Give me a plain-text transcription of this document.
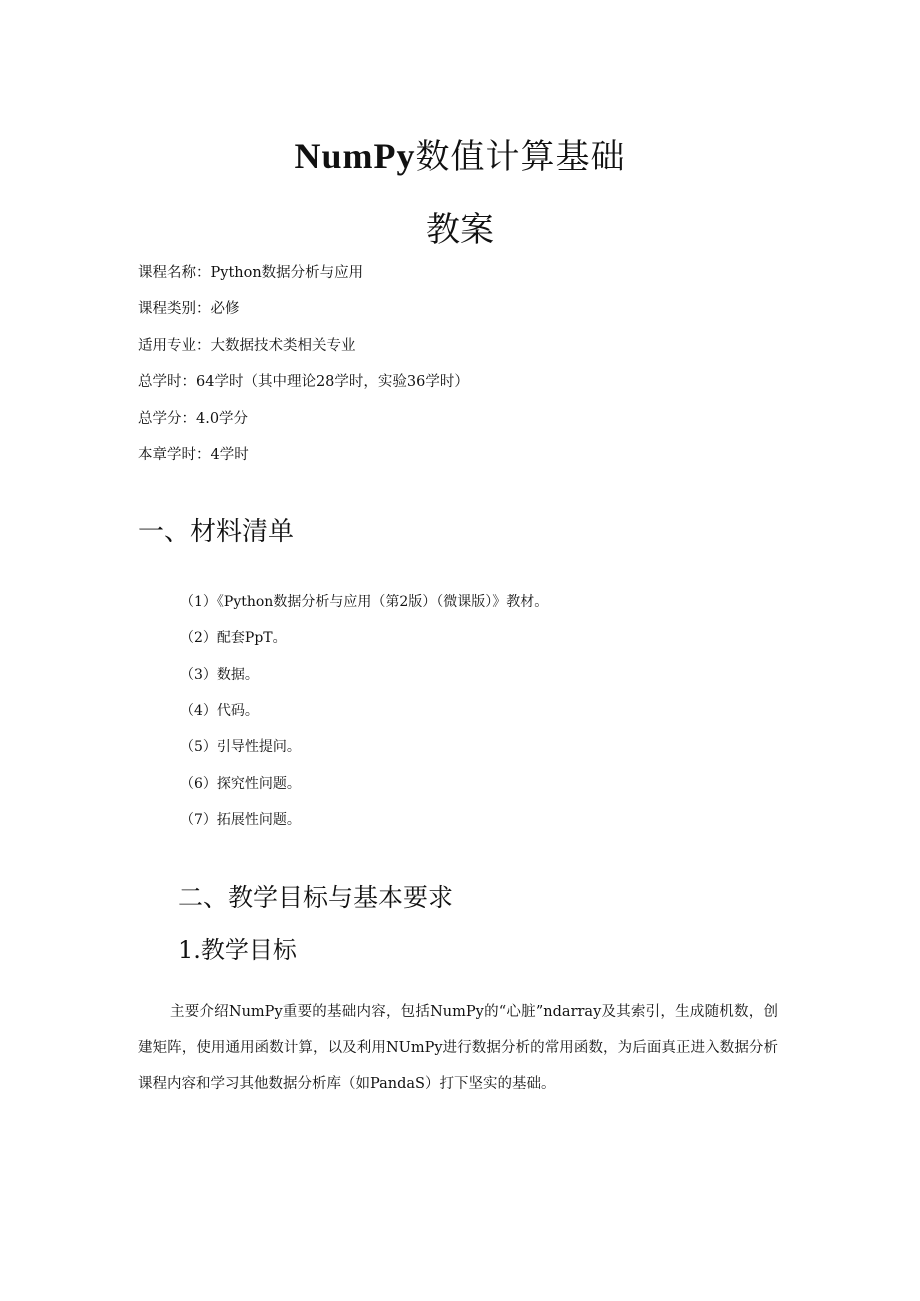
NumPy数值计算基础
教案
课程名称：Python数据分析与应用
课程类别：必修
适用专业：大数据技术类相关专业
总学时：64学时（其中理论28学时，实验36学时）
总学分：4.0学分
本章学时：4学时
一、材料清单
（1）《Python数据分析与应用（第2版）（微课版）》教材。
（2）配套PpT。
（3）数据。
（4）代码。
（5）引导性提问。
（6）探究性问题。
（7）拓展性问题。
二、教学目标与基本要求
1.教学目标
主要介绍NumPy重要的基础内容，包括NumPy的“心脏”ndarray及其索引，生成随机数，创建矩阵，使用通用函数计算，以及利用NUmPy进行数据分析的常用函数，为后面真正进入数据分析课程内容和学习其他数据分析库（如PandaS）打下坚实的基础。
